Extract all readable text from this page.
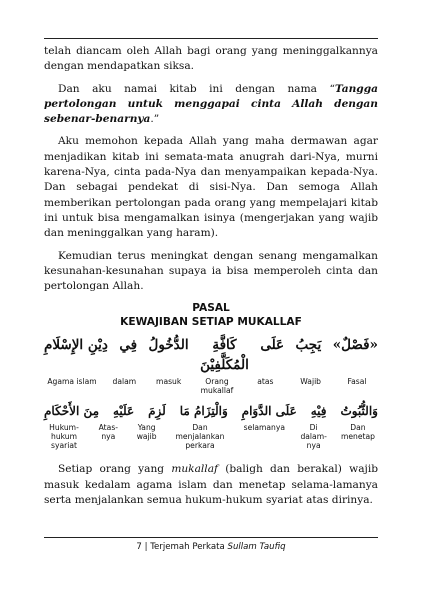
telah diancam oleh Allah bagi orang yang meninggalkannya dengan mendapatkan siksa.

Dan aku namai kitab ini dengan nama “Tangga pertolongan untuk menggapai cinta Allah dengan sebenar-benarnya.”

Aku memohon kepada Allah yang maha dermawan agar menjadikan kitab ini semata-mata anugrah dari-Nya, murni karena-Nya, cinta pada-Nya dan menyampaikan kepada-Nya. Dan sebagai pendekat di sisi-Nya. Dan semoga Allah memberikan pertolongan pada orang yang mempelajari kitab ini untuk bisa mengamalkan isinya (mengerjakan yang wajib dan meninggalkan yang haram).

Kemudian terus meningkat dengan senang mengamalkan kesunahan-kesunahan supaya ia bisa memperoleh cinta dan pertolongan Allah.

PASAL
KEWAJIBAN SETIAP MUKALLAF
«فَصْلٌ»
يَجِبُ
عَلَى
كَافَّةِ
الْمُكَلَّفِيْنَ
الدُّخُولُ
فِي
دِيْنِ الإِسْلَامِ
Fasal
Wajib
atas
Orang mukallaf
masuk
dalam
Agama islam
وَالثُّبُوتُ
فِيْهِ
عَلَى الدَّوَامِ
وَالْتِزَامُ مَا
لَزِمَ
عَلَيْهِ
مِنَ الأَحْكَامِ
Dan menetap
Di dalam-nya
selamanya
Dan menjalankan perkara
Yang wajib
Atas-nya
Hukum-hukum syariat

Setiap orang yang mukallaf (baligh dan berakal) wajib masuk kedalam agama islam dan menetap selama-lamanya serta menjalankan semua hukum-hukum syariat atas dirinya.

7 | Terjemah Perkata Sullam Taufiq
